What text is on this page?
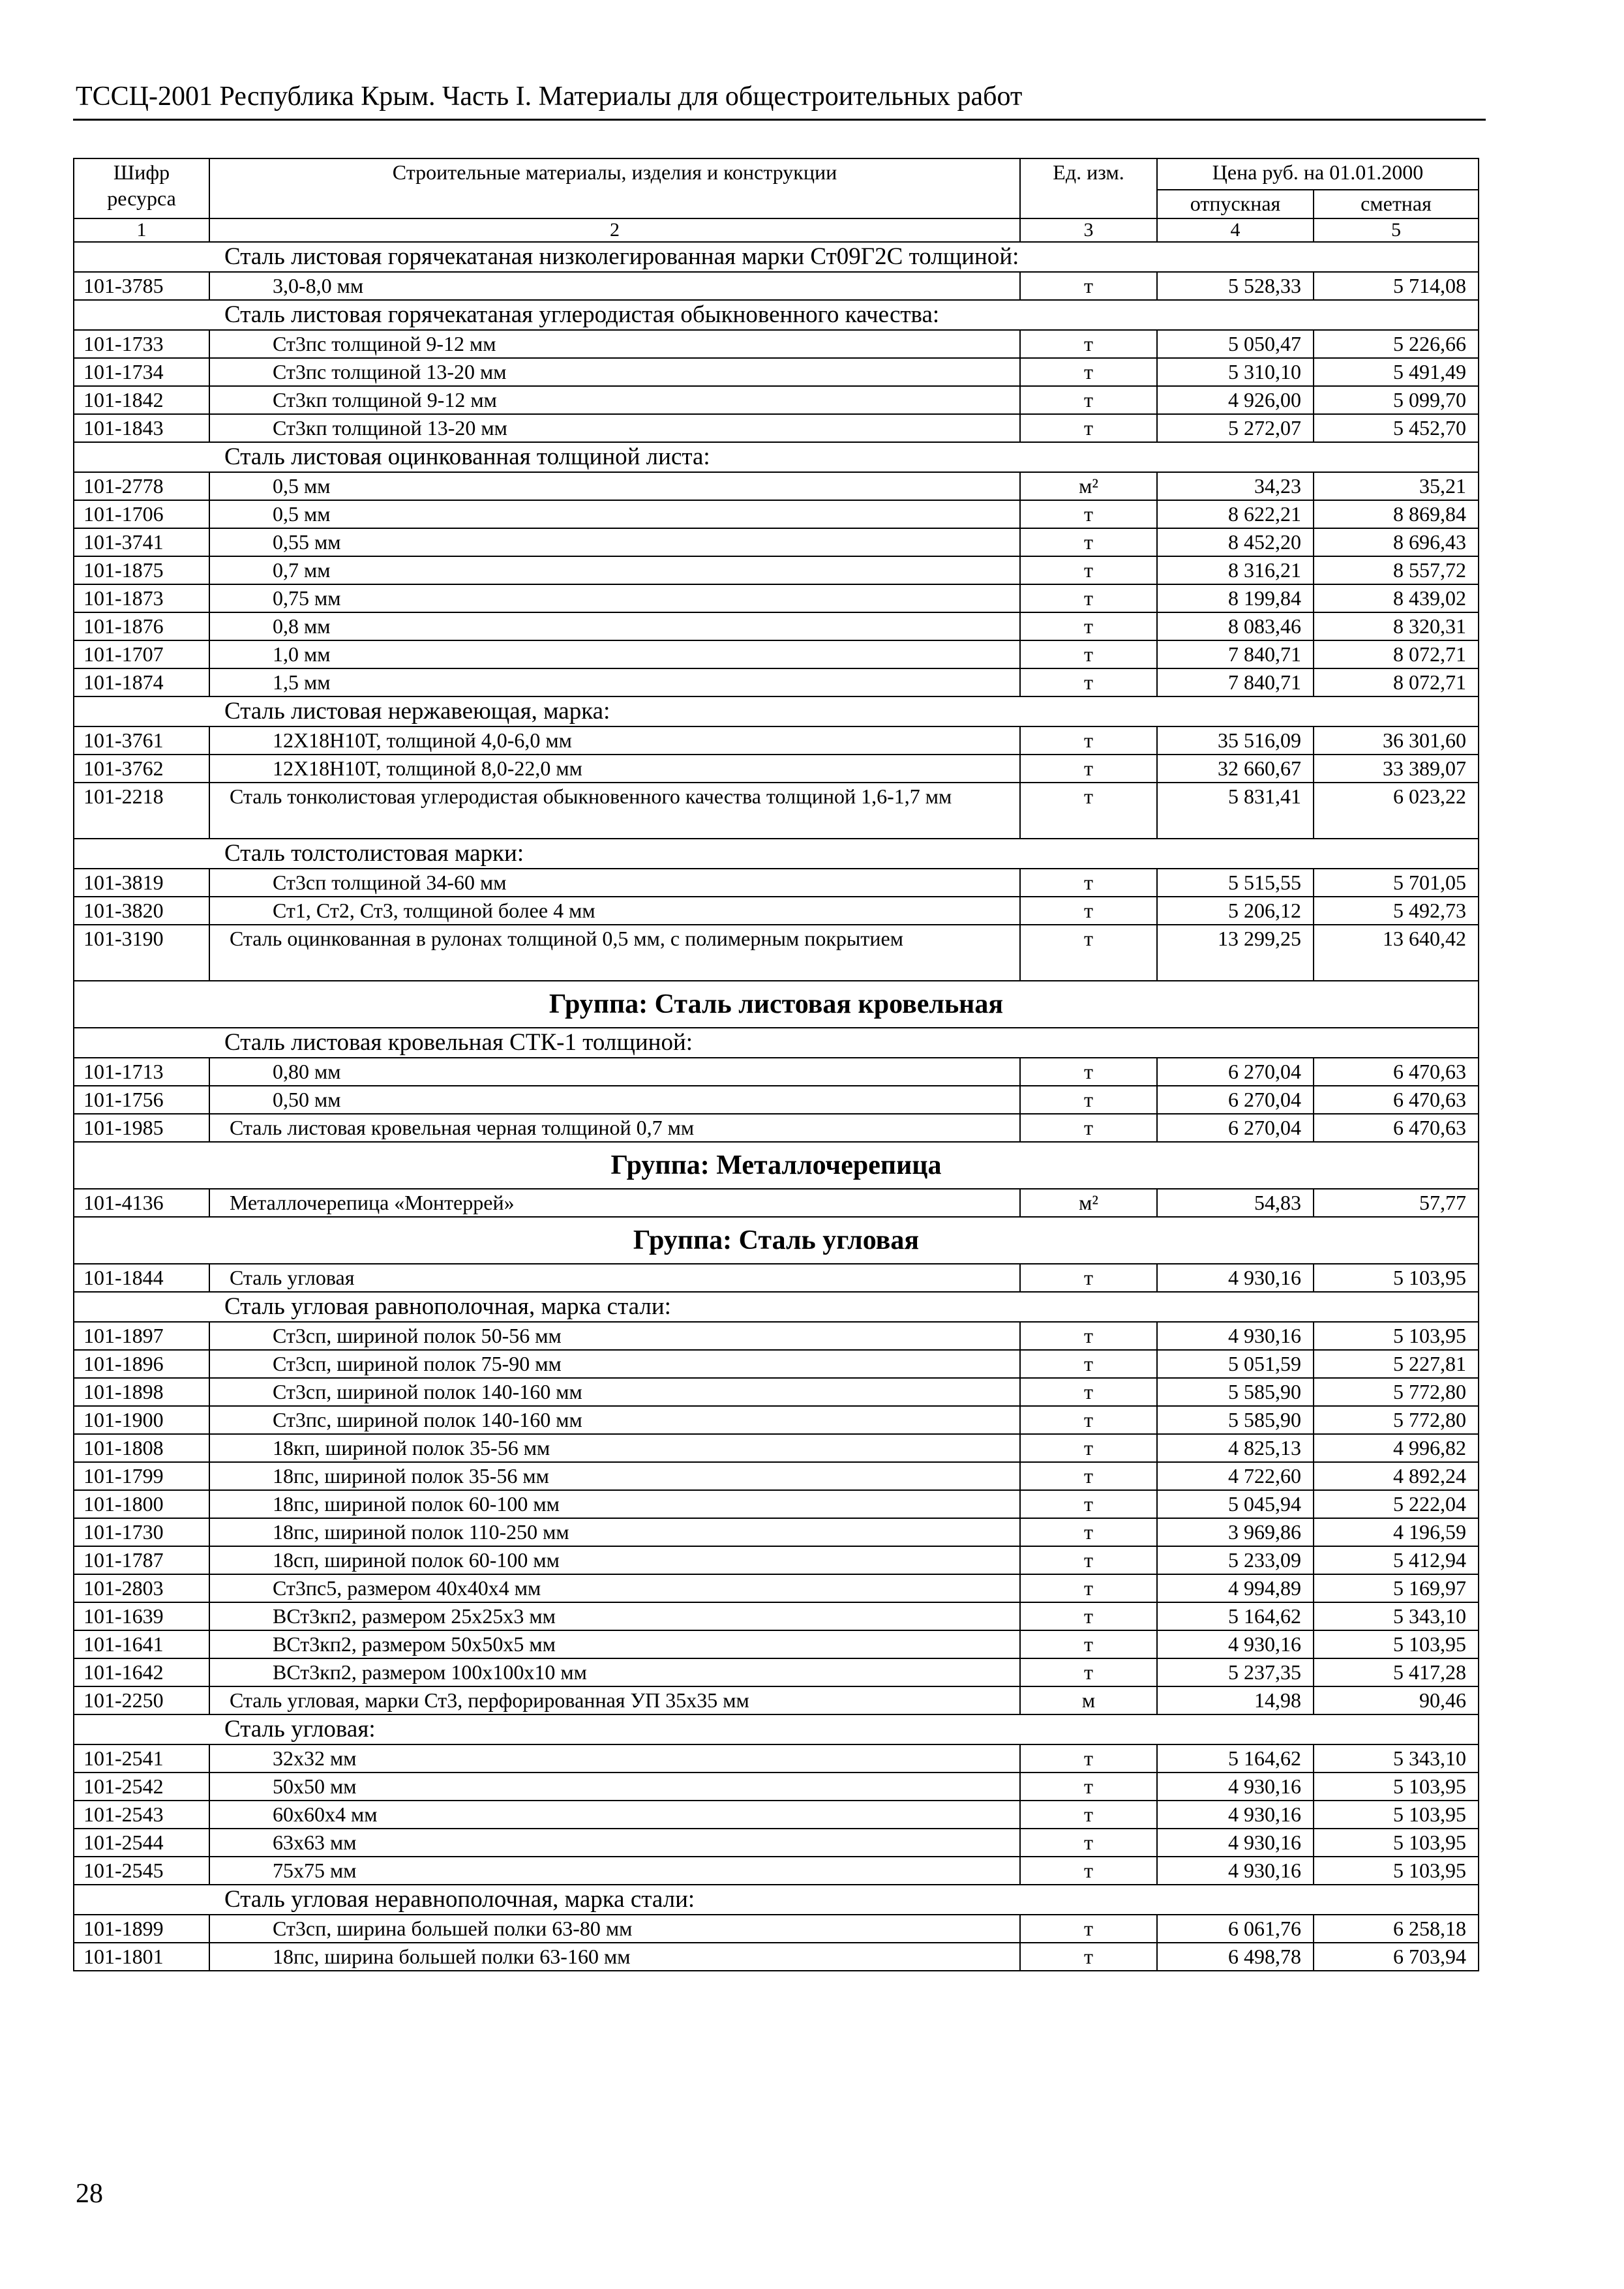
ТССЦ-2001 Республика Крым. Часть I. Материалы для общестроительных работ
Шифр ресурса	Строительные материалы, изделия и конструкции	Ед. изм.	Цена руб. на 01.01.2000	
			отпускная	сметная
1	2	3	4	5
Сталь листовая горячекатаная низколегированная марки Ст09Г2С толщиной:				
101-3785	3,0-8,0 мм	т	5 528,33	5 714,08
Сталь листовая горячекатаная углеродистая обыкновенного качества:				
101-1733	Ст3пс толщиной 9-12 мм	т	5 050,47	5 226,66
101-1734	Ст3пс толщиной 13-20 мм	т	5 310,10	5 491,49
101-1842	Ст3кп толщиной 9-12 мм	т	4 926,00	5 099,70
101-1843	Ст3кп толщиной 13-20 мм	т	5 272,07	5 452,70
Сталь листовая оцинкованная толщиной листа:				
101-2778	0,5 мм	м²	34,23	35,21
101-1706	0,5 мм	т	8 622,21	8 869,84
101-3741	0,55 мм	т	8 452,20	8 696,43
101-1875	0,7 мм	т	8 316,21	8 557,72
101-1873	0,75 мм	т	8 199,84	8 439,02
101-1876	0,8 мм	т	8 083,46	8 320,31
101-1707	1,0 мм	т	7 840,71	8 072,71
101-1874	1,5 мм	т	7 840,71	8 072,71
Сталь листовая нержавеющая, марка:				
101-3761	12Х18Н10Т, толщиной 4,0-6,0 мм	т	35 516,09	36 301,60
101-3762	12Х18Н10Т, толщиной 8,0-22,0 мм	т	32 660,67	33 389,07
101-2218	Сталь тонколистовая углеродистая обыкновенного качества толщиной 1,6-1,7 мм	т	5 831,41	6 023,22
Сталь толстолистовая марки:				
101-3819	Ст3сп толщиной 34-60 мм	т	5 515,55	5 701,05
101-3820	Ст1, Ст2, Ст3, толщиной более 4 мм	т	5 206,12	5 492,73
101-3190	Сталь оцинкованная в рулонах толщиной 0,5 мм, с полимерным покрытием	т	13 299,25	13 640,42
Группа: Сталь листовая кровельная				
Сталь листовая кровельная СТК-1 толщиной:				
101-1713	0,80 мм	т	6 270,04	6 470,63
101-1756	0,50 мм	т	6 270,04	6 470,63
101-1985	Сталь листовая кровельная черная толщиной 0,7 мм	т	6 270,04	6 470,63
Группа: Металлочерепица				
101-4136	Металлочерепица «Монтеррей»	м²	54,83	57,77
Группа: Сталь угловая				
101-1844	Сталь угловая	т	4 930,16	5 103,95
Сталь угловая равнополочная, марка стали:				
101-1897	Ст3сп, шириной полок 50-56 мм	т	4 930,16	5 103,95
101-1896	Ст3сп, шириной полок 75-90 мм	т	5 051,59	5 227,81
101-1898	Ст3сп, шириной полок 140-160 мм	т	5 585,90	5 772,80
101-1900	Ст3пс, шириной полок 140-160 мм	т	5 585,90	5 772,80
101-1808	18кп, шириной полок 35-56 мм	т	4 825,13	4 996,82
101-1799	18пс, шириной полок 35-56 мм	т	4 722,60	4 892,24
101-1800	18пс, шириной полок 60-100 мм	т	5 045,94	5 222,04
101-1730	18пс, шириной полок 110-250 мм	т	3 969,86	4 196,59
101-1787	18сп, шириной полок 60-100 мм	т	5 233,09	5 412,94
101-2803	Ст3пс5, размером 40х40х4 мм	т	4 994,89	5 169,97
101-1639	ВСт3кп2, размером 25х25х3 мм	т	5 164,62	5 343,10
101-1641	ВСт3кп2, размером 50х50х5 мм	т	4 930,16	5 103,95
101-1642	ВСт3кп2, размером 100х100х10 мм	т	5 237,35	5 417,28
101-2250	Сталь угловая, марки Ст3, перфорированная УП 35х35 мм	м	14,98	90,46
Сталь угловая:				
101-2541	32х32 мм	т	5 164,62	5 343,10
101-2542	50х50 мм	т	4 930,16	5 103,95
101-2543	60х60х4 мм	т	4 930,16	5 103,95
101-2544	63х63 мм	т	4 930,16	5 103,95
101-2545	75х75 мм	т	4 930,16	5 103,95
Сталь угловая неравнополочная, марка стали:				
101-1899	Ст3сп, ширина большей полки 63-80 мм	т	6 061,76	6 258,18
101-1801	18пс, ширина большей полки 63-160 мм	т	6 498,78	6 703,94
28
